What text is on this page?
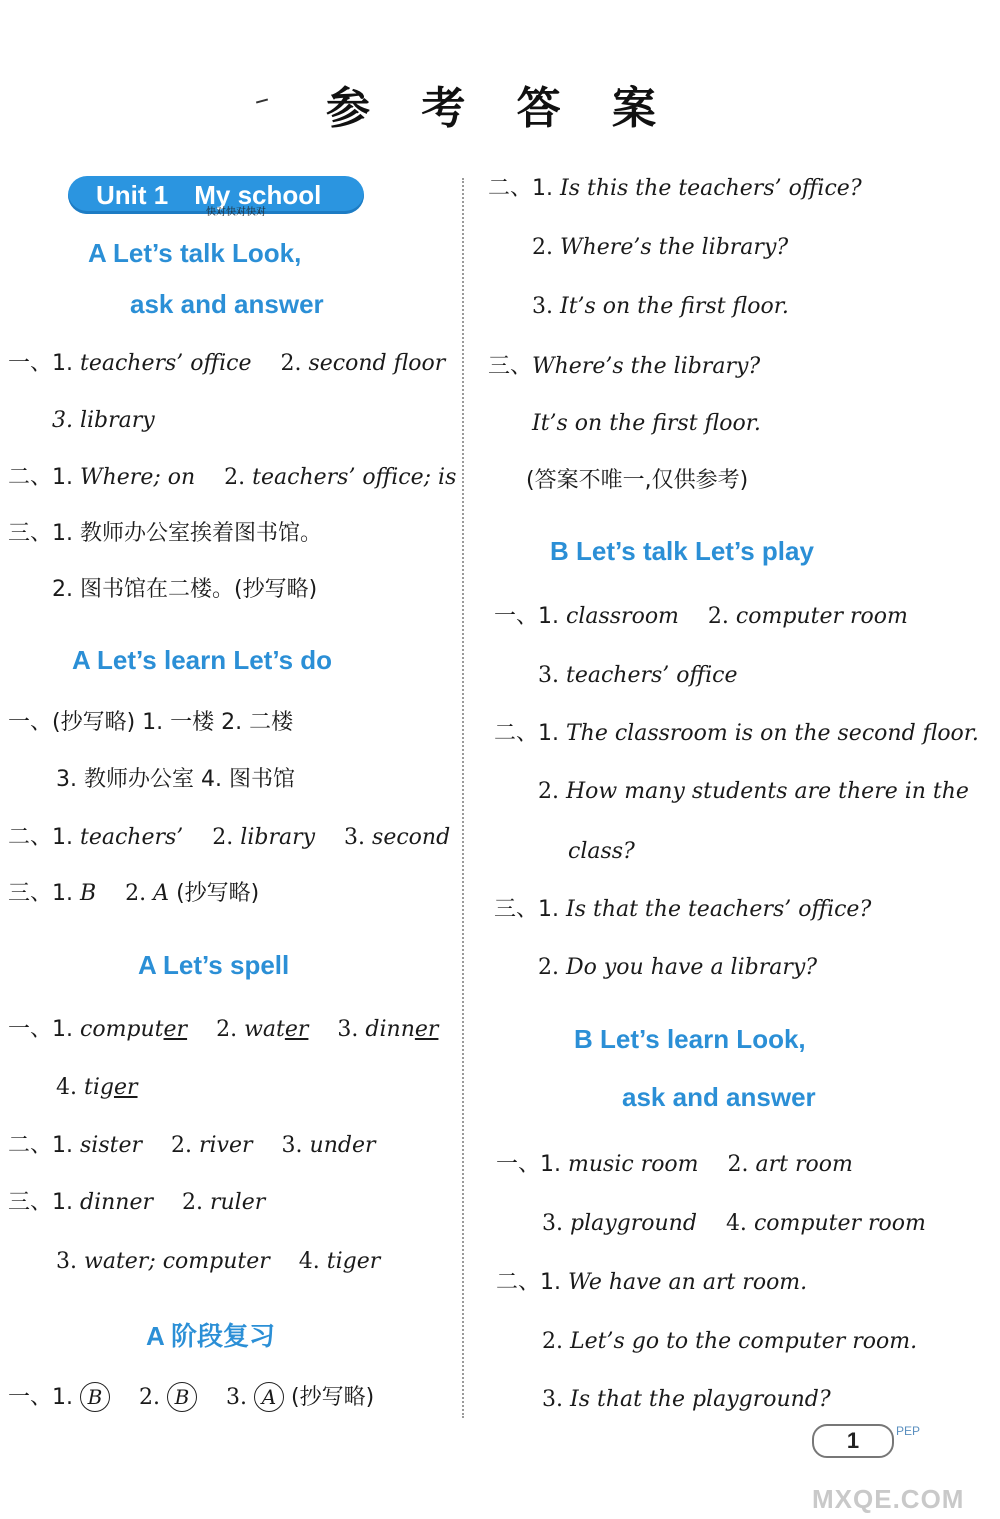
参 考 答 案
Unit 1 My school
快对快对快对
A Let’s talk Look,
ask and answer
一、1. teachers’ office 2. second floor
3. library
二、1. Where; on 2. teachers’ office; is
三、1. 教师办公室挨着图书馆。
2. 图书馆在二楼。(抄写略)
A Let’s learn Let’s do
一、(抄写略) 1. 一楼 2. 二楼
3. 教师办公室 4. 图书馆
二、1. teachers’ 2. library 3. second
三、1. B 2. A (抄写略)
A Let’s spell
一、1. computer 2. water 3. dinner
4. tiger
二、1. sister 2. river 3. under
三、1. dinner 2. ruler
3. water; computer 4. tiger
A 阶段复习
一、1. B 2. B 3. A (抄写略)
二、1. Is this the teachers’ office?
2. Where’s the library?
3. It’s on the first floor.
三、Where’s the library?
It’s on the first floor.
(答案不唯一,仅供参考)
B Let’s talk Let’s play
一、1. classroom 2. computer room
3. teachers’ office
二、1. The classroom is on the second floor.
2. How many students are there in the
class?
三、1. Is that the teachers’ office?
2. Do you have a library?
B Let’s learn Look,
ask and answer
一、1. music room 2. art room
3. playground 4. computer room
二、1. We have an art room.
2. Let’s go to the computer room.
3. Is that the playground?
1	PEP
MXQE.COM
